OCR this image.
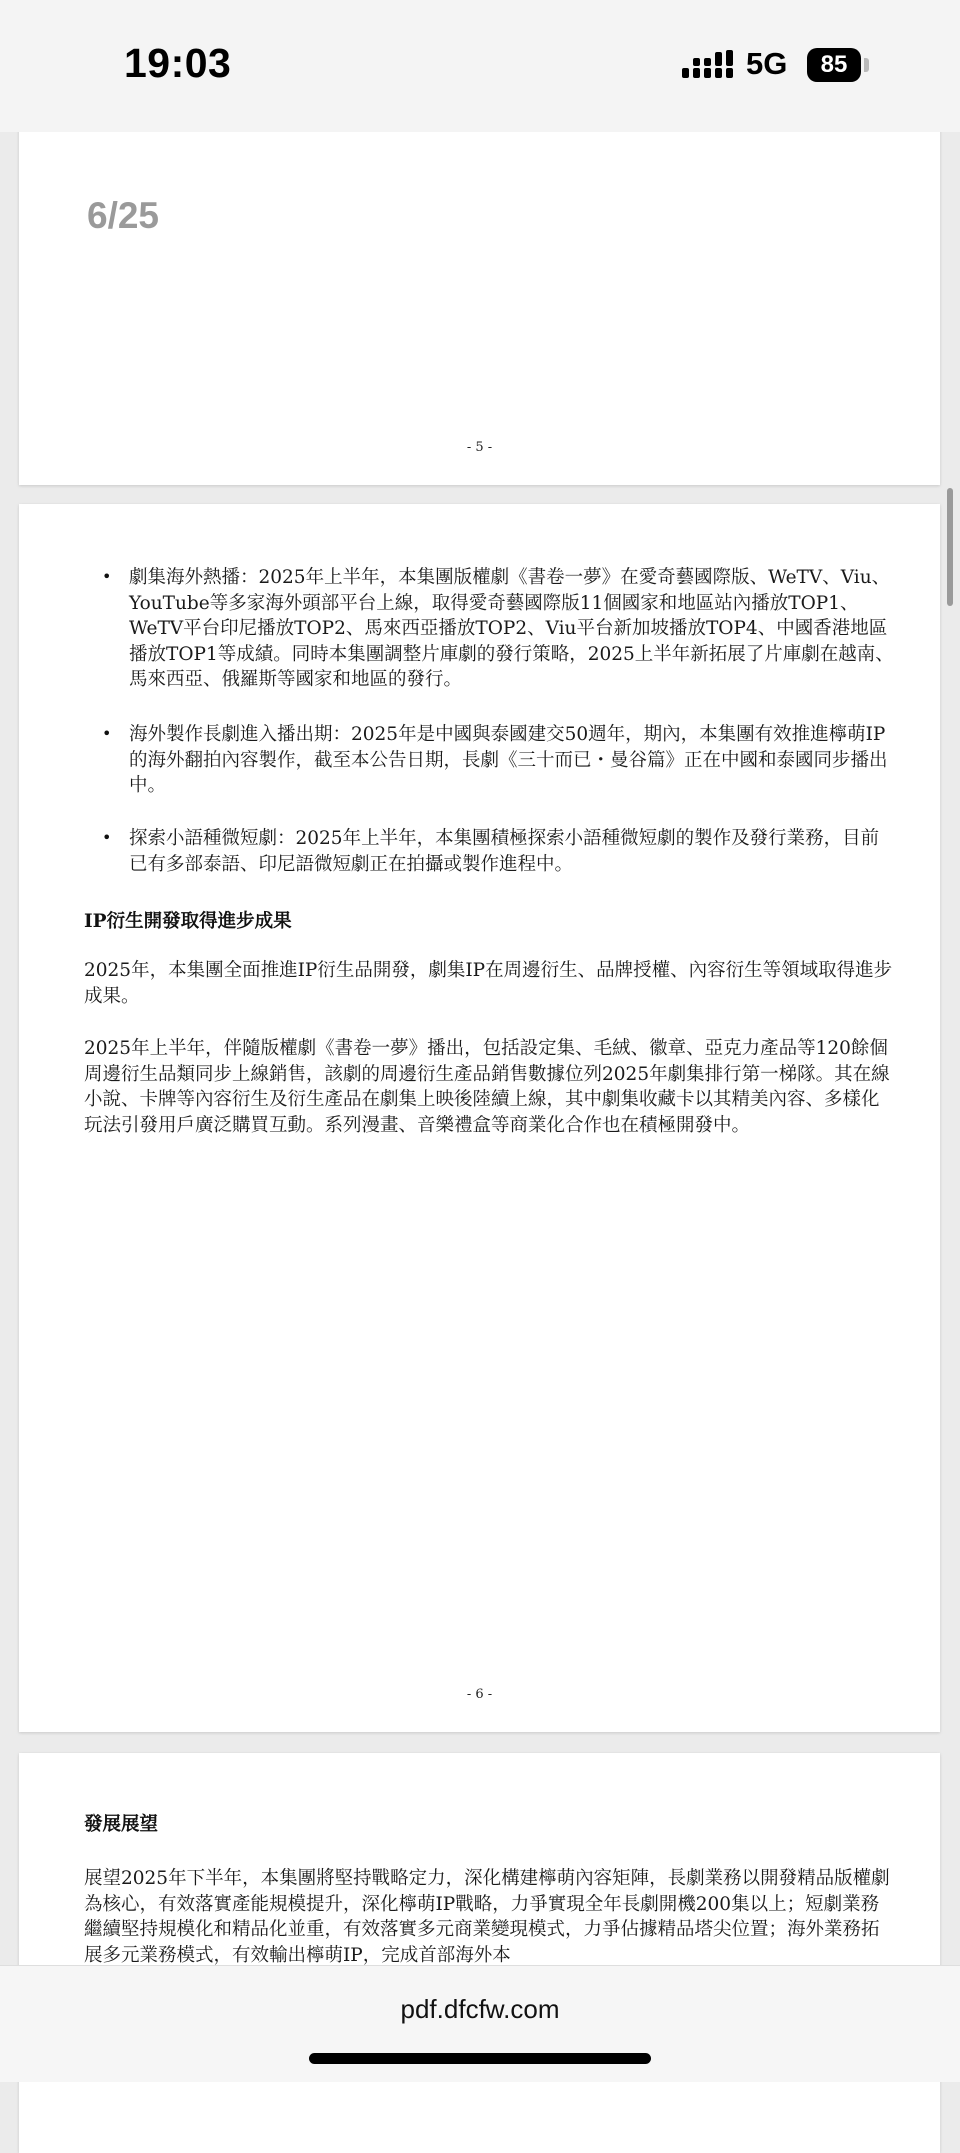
19:03	5G	85
6/25
- 5 -
• 劇集海外熱播：2025年上半年，本集團版權劇《書卷一夢》在愛奇藝國際版、WeTV、Viu、YouTube等多家海外頭部平台上線，取得愛奇藝國際版11個國家和地區站內播放TOP1、WeTV平台印尼播放TOP2、馬來西亞播放TOP2、Viu平台新加坡播放TOP4、中國香港地區播放TOP1等成績。同時本集團調整片庫劇的發行策略，2025上半年新拓展了片庫劇在越南、馬來西亞、俄羅斯等國家和地區的發行。
• 海外製作長劇進入播出期：2025年是中國與泰國建交50週年，期內，本集團有效推進檸萌IP的海外翻拍內容製作，截至本公告日期，長劇《三十而已・曼谷篇》正在中國和泰國同步播出中。
• 探索小語種微短劇：2025年上半年，本集團積極探索小語種微短劇的製作及發行業務，目前已有多部泰語、印尼語微短劇正在拍攝或製作進程中。
IP衍生開發取得進步成果
2025年，本集團全面推進IP衍生品開發，劇集IP在周邊衍生、品牌授權、內容衍生等領域取得進步成果。
2025年上半年，伴隨版權劇《書卷一夢》播出，包括設定集、毛絨、徽章、亞克力產品等120餘個周邊衍生品類同步上線銷售，該劇的周邊衍生產品銷售數據位列2025年劇集排行第一梯隊。其在線小說、卡牌等內容衍生及衍生產品在劇集上映後陸續上線，其中劇集收藏卡以其精美內容、多樣化玩法引發用戶廣泛購買互動。系列漫畫、音樂禮盒等商業化合作也在積極開發中。
- 6 -
發展展望
展望2025年下半年，本集團將堅持戰略定力，深化構建檸萌內容矩陣，長劇業務以開發精品版權劇為核心，有效落實產能規模提升，深化檸萌IP戰略，力爭實現全年長劇開機200集以上；短劇業務繼續堅持規模化和精品化並重，有效落實多元商業變現模式，力爭佔據精品塔尖位置；海外業務拓展多元業務模式，有效輸出檸萌IP，完成首部海外本
pdf.dfcfw.com
